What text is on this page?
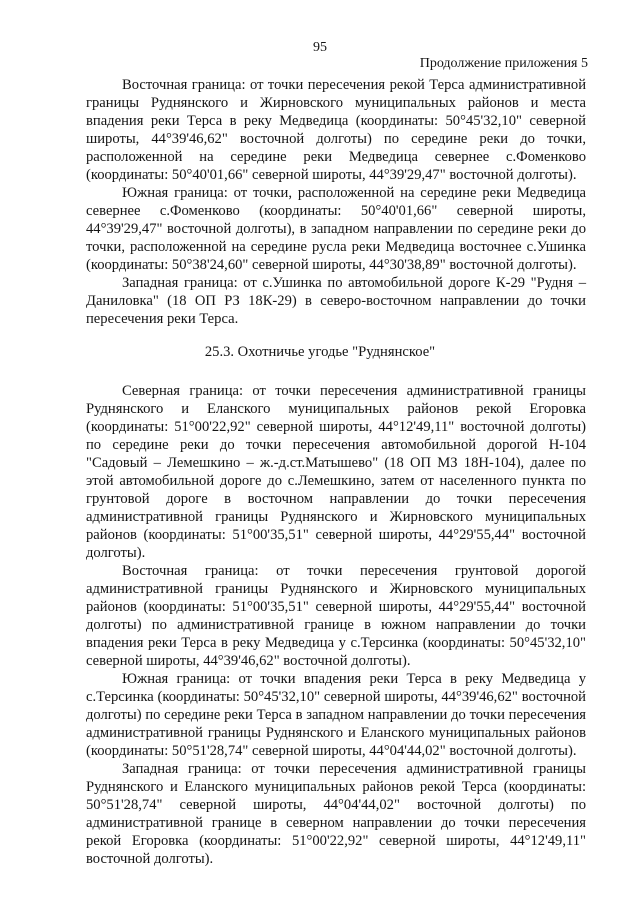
95
Продолжение приложения 5

Восточная граница: от точки пересечения рекой Терса административной границы Руднянского и Жирновского муниципальных районов и места впадения реки Терса в реку Медведица (координаты: 50°45'32,10" северной широты, 44°39'46,62" восточной долготы) по середине реки до точки, расположенной на середине реки Медведица севернее с.Фоменково (координаты: 50°40'01,66" северной широты, 44°39'29,47" восточной долготы).

Южная граница: от точки, расположенной на середине реки Медведица севернее с.Фоменково (координаты: 50°40'01,66" северной широты, 44°39'29,47" восточной долготы), в западном направлении по середине реки до точки, расположенной на середине русла реки Медведица восточнее с.Ушинка (координаты: 50°38'24,60" северной широты, 44°30'38,89" восточной долготы).

Западная граница: от с.Ушинка по автомобильной дороге К-29 "Рудня – Даниловка" (18 ОП РЗ 18К-29) в северо-восточном направлении до точки пересечения реки Терса.

25.3. Охотничье угодье "Руднянское"

Северная граница: от точки пересечения административной границы Руднянского и Еланского муниципальных районов рекой Егоровка (координаты: 51°00'22,92" северной широты, 44°12'49,11" восточной долготы) по середине реки до точки пересечения автомобильной дорогой Н-104 "Садовый – Лемешкино – ж.-д.ст.Матышево" (18 ОП МЗ 18Н-104), далее по этой автомобильной дороге до с.Лемешкино, затем от населенного пункта по грунтовой дороге в восточном направлении до точки пересечения административной границы Руднянского и Жирновского муниципальных районов (координаты: 51°00'35,51" северной широты, 44°29'55,44" восточной долготы).

Восточная граница: от точки пересечения грунтовой дорогой административной границы Руднянского и Жирновского муниципальных районов (координаты: 51°00'35,51" северной широты, 44°29'55,44" восточной долготы) по административной границе в южном направлении до точки впадения реки Терса в реку Медведица у с.Терсинка (координаты: 50°45'32,10" северной широты, 44°39'46,62" восточной долготы).

Южная граница: от точки впадения реки Терса в реку Медведица у с.Терсинка (координаты: 50°45'32,10" северной широты, 44°39'46,62" восточной долготы) по середине реки Терса в западном направлении до точки пересечения административной границы Руднянского и Еланского муниципальных районов (координаты: 50°51'28,74" северной широты, 44°04'44,02" восточной долготы).

Западная граница: от точки пересечения административной границы Руднянского и Еланского муниципальных районов рекой Терса (координаты: 50°51'28,74" северной широты, 44°04'44,02" восточной долготы) по административной границе в северном направлении до точки пересечения рекой Егоровка (координаты: 51°00'22,92" северной широты, 44°12'49,11" восточной долготы).
